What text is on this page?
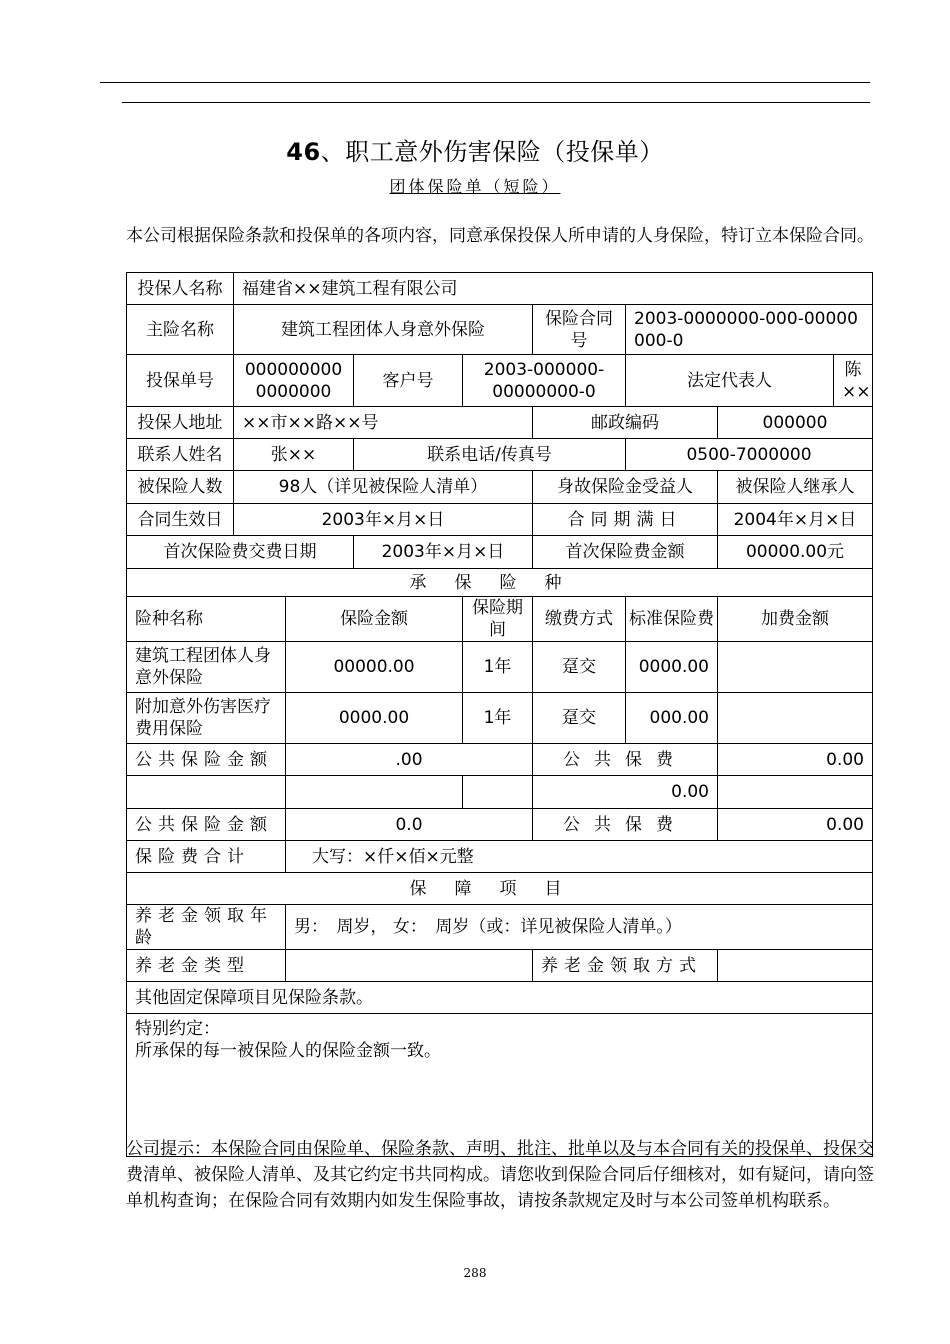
46、职工意外伤害保险（投保单）
团体保险单（短险）
本公司根据保险条款和投保单的各项内容，同意承保投保人所申请的人身保险，特订立本保险合同。
投保人名称	福建省××建筑工程有限公司							
主险名称	建筑工程团体人身意外保险				保险合同号	2003-0000000-000-00000000-0		
投保单号	0000000000000000		客户号	2003-000000-00000000-0		法定代表人		陈××
投保人地址	××市××路××号				邮政编码		000000	
联系人姓名	张××		联系电话/传真号			0500-7000000		
被保险人数	98人（详见被保险人清单）				身故保险金受益人		被保险人继承人	
合同生效日	2003年×月×日				合同期满日		2004年×月×日	
首次保险费交费日期			2003年×月×日		首次保险费金额		00000.00元	
承保险种								
险种名称		保险金额		保险期间	缴费方式	标准保险费	加费金额	
建筑工程团体人身意外保险		00000.00		1年	趸交	0000.00		
附加意外伤害医疗费用保险		0000.00		1年	趸交	000.00		
公共保险金额		.00			公共保费		0.00	
					0.00			
公共保险金额		0.0			公共保费		0.00	
保险费合计		大写：×仟×佰×元整						
保障项目								
养老金领取年龄		男：　周岁， 女：　周岁（或：详见被保险人清单。）						
养老金类型					养老金领取方式			
其他固定保障项目见保险条款。								

特别约定：
所承保的每一被保险人的保险金额一致。								
公司提示：本保险合同由保险单、保险条款、声明、批注、批单以及与本合同有关的投保单、投保交费清单、被保险人清单、及其它约定书共同构成。请您收到保险合同后仔细核对，如有疑问，请向签单机构查询；在保险合同有效期内如发生保险事故，请按条款规定及时与本公司签单机构联系。
288
